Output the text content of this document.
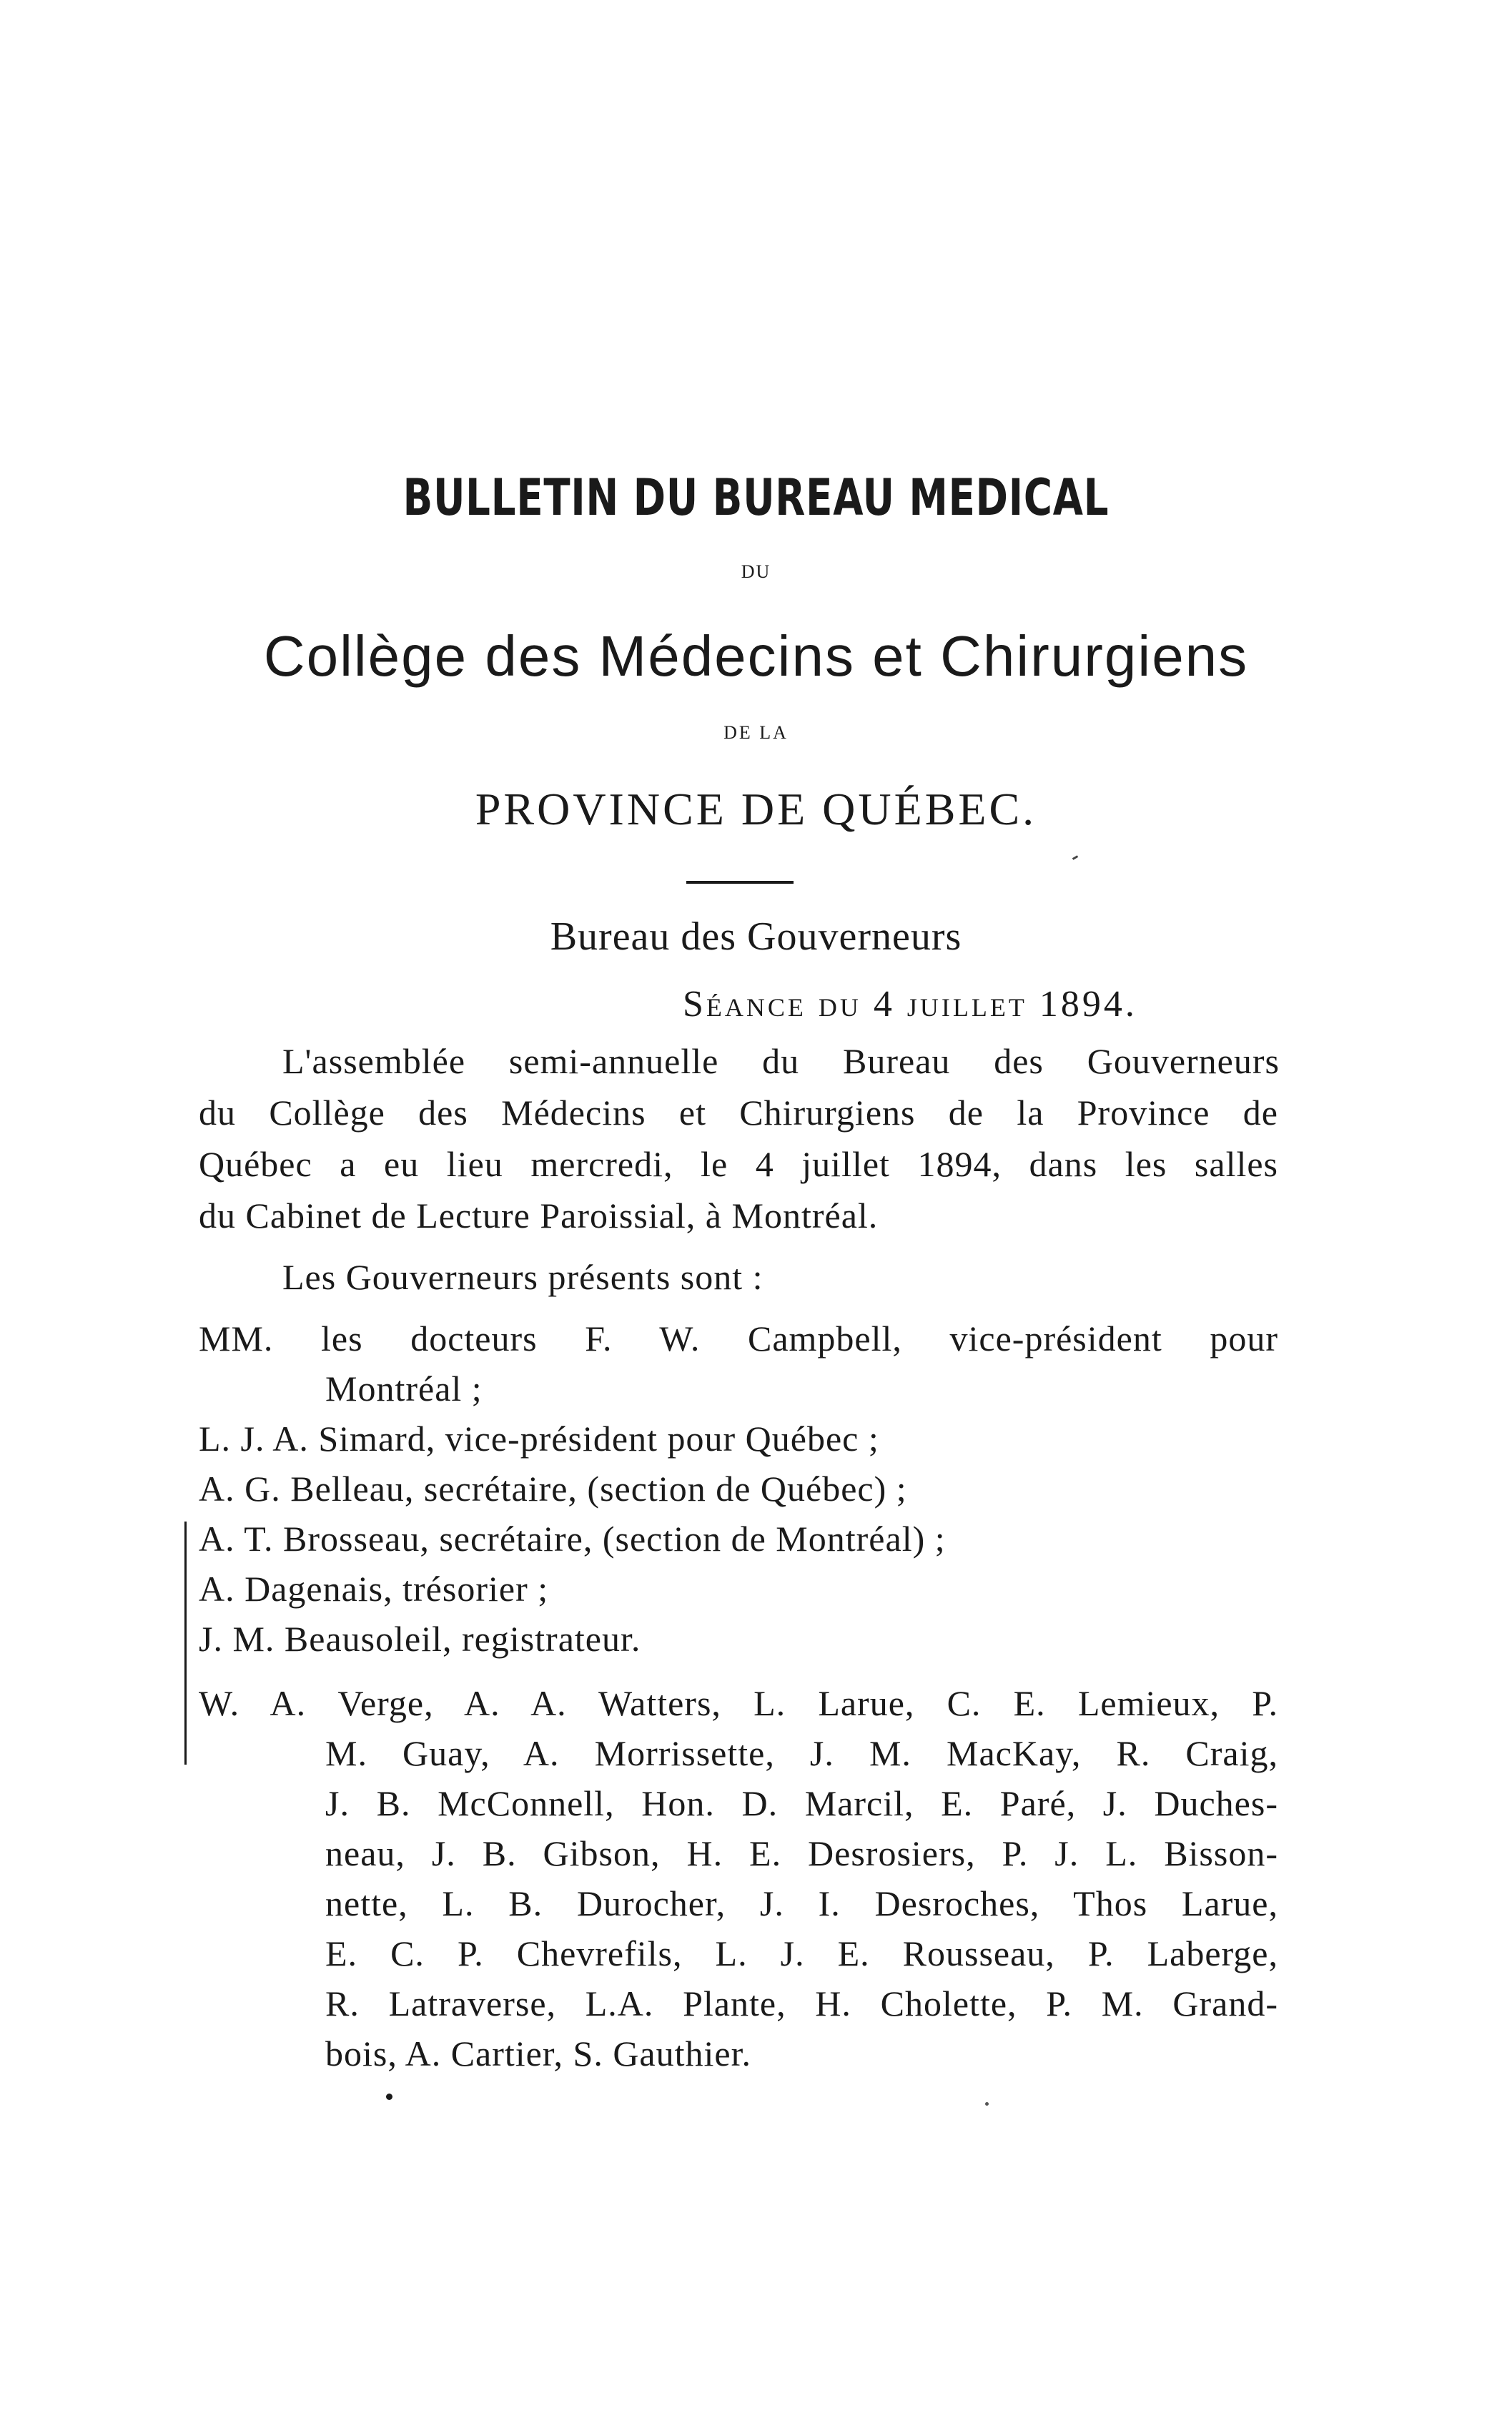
BULLETIN DU BUREAU MEDICAL
DU
Collège des Médecins et Chirurgiens
DE LA
PROVINCE DE QUÉBEC.
Bureau des Gouverneurs
Séance du 4 juillet 1894.
L'assemblée semi-annuelle du Bureau des Gouverneurs
du Collège des Médecins et Chirurgiens de la Province de
Québec a eu lieu mercredi, le 4 juillet 1894, dans les salles
du Cabinet de Lecture Paroissial, à Montréal.
Les Gouverneurs présents sont :
MM. les docteurs F. W. Campbell, vice-président pour
Montréal ;
L. J. A. Simard, vice-président pour Québec ;
A. G. Belleau, secrétaire, (section de Québec) ;
A. T. Brosseau, secrétaire, (section de Montréal) ;
A. Dagenais, trésorier ;
J. M. Beausoleil, registrateur.
W. A. Verge, A. A. Watters, L. Larue, C. E. Lemieux, P.
M. Guay, A. Morrissette, J. M. MacKay, R. Craig,
J. B. McConnell, Hon. D. Marcil, E. Paré, J. Duches-
neau, J. B. Gibson, H. E. Desrosiers, P. J. L. Bisson-
nette, L. B. Durocher, J. I. Desroches, Thos Larue,
E. C. P. Chevrefils, L. J. E. Rousseau, P. Laberge,
R. Latraverse, L.A. Plante, H. Cholette, P. M. Grand-
bois, A. Cartier, S. Gauthier.
